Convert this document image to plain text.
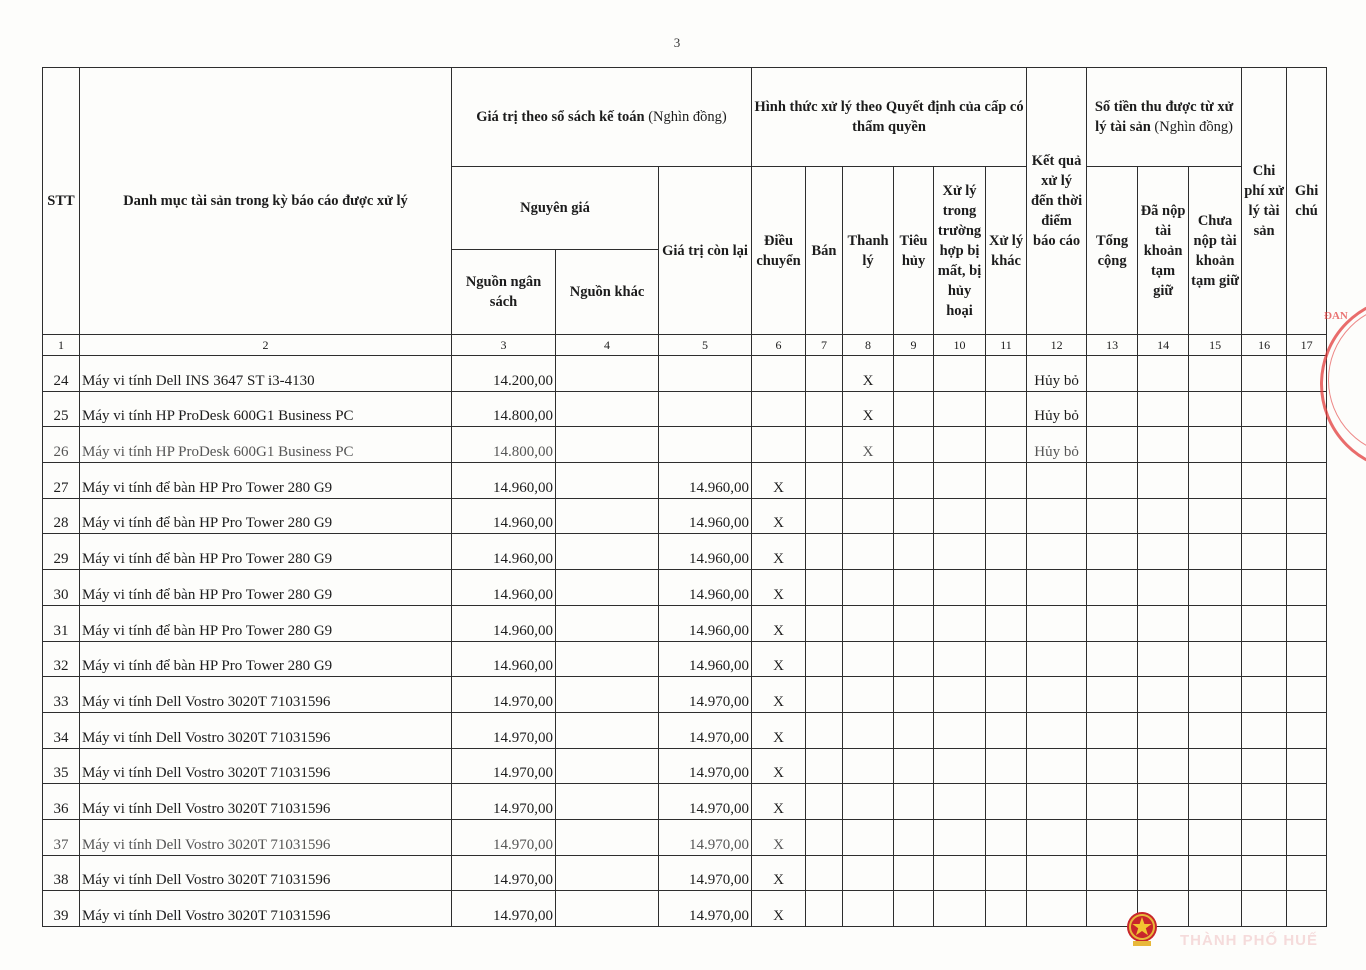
3
STT	Danh mục tài sản trong kỳ báo cáo được xử lý	Giá trị theo sổ sách kế toán (Nghìn đồng)			Hình thức xử lý theo Quyết định của cấp có thẩm quyền						Kết quả xử lý đến thời điểm báo cáo	Số tiền thu được từ xử lý tài sản (Nghìn đồng)			Chi phí xử lý tài sản	Ghi chú
		Nguyên giá		Giá trị còn lại	Điều chuyển	Bán	Thanh lý	Tiêu hủy	Xử lý trong trường hợp bị mất, bị hủy hoại	Xử lý khác		Tổng cộng	Đã nộp tài khoản tạm giữ	Chưa nộp tài khoản tạm giữ		
		Nguồn ngân sách	Nguồn khác													
1	2	3	4	5	6	7	8	9	10	11	12	13	14	15	16	17
24	Máy vi tính Dell INS 3647 ST i3-4130	14.200,00					X				Hủy bỏ					
25	Máy vi tính HP ProDesk 600G1 Business PC	14.800,00					X				Hủy bỏ					
26	Máy vi tính HP ProDesk 600G1 Business PC	14.800,00					X				Hủy bỏ					
27	Máy vi tính để bàn HP Pro Tower 280 G9	14.960,00		14.960,00	X											
28	Máy vi tính để bàn HP Pro Tower 280 G9	14.960,00		14.960,00	X											
29	Máy vi tính để bàn HP Pro Tower 280 G9	14.960,00		14.960,00	X											
30	Máy vi tính để bàn HP Pro Tower 280 G9	14.960,00		14.960,00	X											
31	Máy vi tính để bàn HP Pro Tower 280 G9	14.960,00		14.960,00	X											
32	Máy vi tính để bàn HP Pro Tower 280 G9	14.960,00		14.960,00	X											
33	Máy vi tính Dell Vostro 3020T 71031596	14.970,00		14.970,00	X											
34	Máy vi tính Dell Vostro 3020T 71031596	14.970,00		14.970,00	X											
35	Máy vi tính Dell Vostro 3020T 71031596	14.970,00		14.970,00	X											
36	Máy vi tính Dell Vostro 3020T 71031596	14.970,00		14.970,00	X											
37	Máy vi tính Dell Vostro 3020T 71031596	14.970,00		14.970,00	X											
38	Máy vi tính Dell Vostro 3020T 71031596	14.970,00		14.970,00	X											
39	Máy vi tính Dell Vostro 3020T 71031596	14.970,00		14.970,00	X											
ĐAN
THÀNH PHỐ HUẾ
